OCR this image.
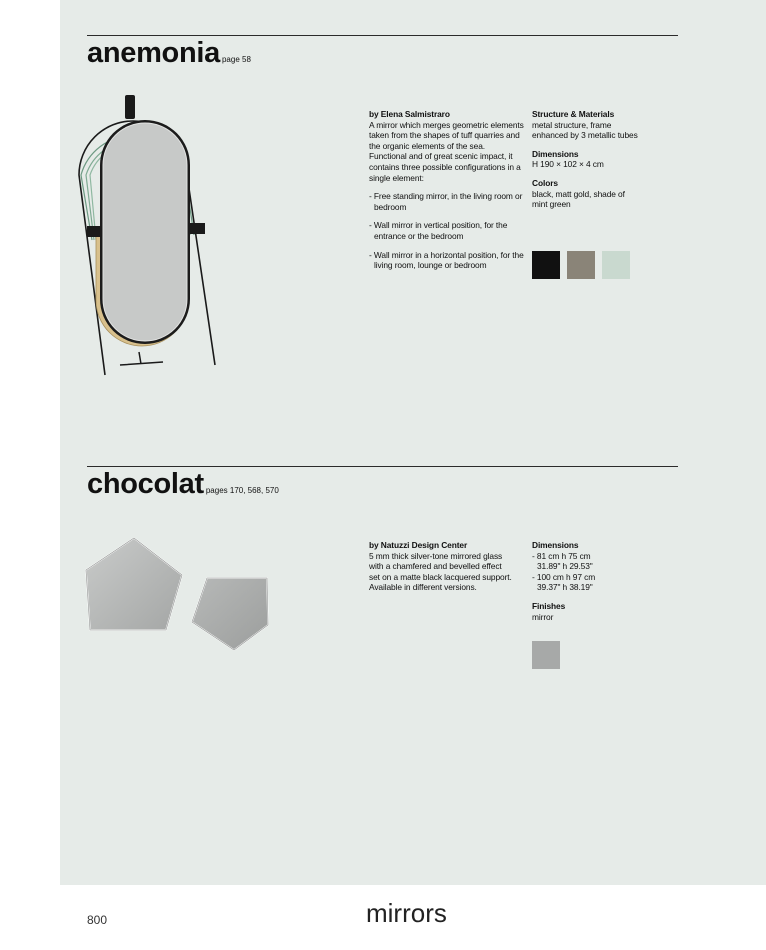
anemonia page 58

by Elena Salmistraro

A mirror which merges geometric elements taken from the shapes of tuff quarries and the organic elements of the sea. Functional and of great scenic impact, it contains three possible configurations in a single element:

- Free standing mirror, in the living room or bedroom
- Wall mirror in vertical position, for the entrance or the bedroom
- Wall mirror in a horizontal position, for the living room, lounge or bedroom

Structure & Materials

metal structure, frame enhanced by 3 metallic tubes

Dimensions

H 190 × 102 × 4 cm

Colors

black, matt gold, shade of mint green

chocolat pages 170, 568, 570

by Natuzzi Design Center

5 mm thick silver-tone mirrored glass with a chamfered and bevelled effect set on a matte black lacquered support. Available in different versions.

Dimensions

- 81 cm h 75 cm

31.89" h 29.53"

- 100 cm h 97 cm

39.37" h 38.19"

Finishes

mirror

800	mirrors
